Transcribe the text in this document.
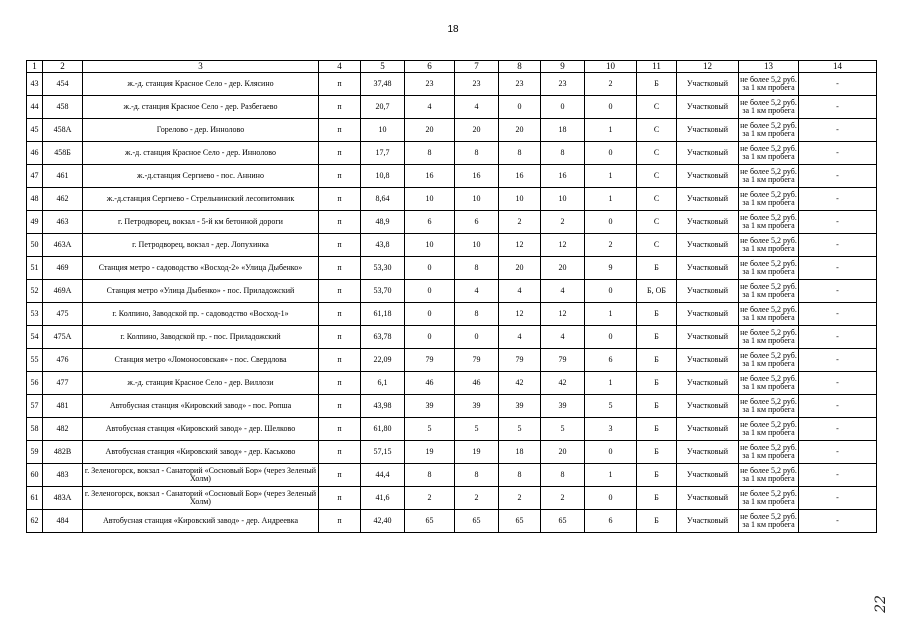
18
1	2	3	4	5	6	7	8	9	10	11	12	13	14
43	454	ж.-д. станция Красное Село - дер. Клясино	п	37,48	23	23	23	23	2	Б	Участковый	не более 5,2 руб. за 1 км пробега	-
44	458	ж.-д. станция Красное Село - дер. Разбегаево	п	20,7	4	4	0	0	0	С	Участковый	не более 5,2 руб. за 1 км пробега	-
45	458А	Горелово - дер. Иннолово	п	10	20	20	20	18	1	С	Участковый	не более 5,2 руб. за 1 км пробега	-
46	458Б	ж.-д. станция Красное Село - дер. Иннолово	п	17,7	8	8	8	8	0	С	Участковый	не более 5,2 руб. за 1 км пробега	-
47	461	ж.-д.станция Сергиево - пос. Аннино	п	10,8	16	16	16	16	1	С	Участковый	не более 5,2 руб. за 1 км пробега	-
48	462	ж.-д.станция Сергиево - Стрельнинский лесопитомник	п	8,64	10	10	10	10	1	С	Участковый	не более 5,2 руб. за 1 км пробега	-
49	463	г. Петродворец, вокзал - 5-й км бетонной дороги	п	48,9	6	6	2	2	0	С	Участковый	не более 5,2 руб. за 1 км пробега	-
50	463А	г. Петродворец, вокзал - дер. Лопухинка	п	43,8	10	10	12	12	2	С	Участковый	не более 5,2 руб. за 1 км пробега	-
51	469	Станция метро - садоводство «Восход-2» «Улица Дыбенко»	п	53,30	0	8	20	20	9	Б	Участковый	не более 5,2 руб. за 1 км пробега	-
52	469А	Станция метро «Улица Дыбенко» - пос. Приладожский	п	53,70	0	4	4	4	0	Б, ОБ	Участковый	не более 5,2 руб. за 1 км пробега	-
53	475	г. Колпино, Заводской пр. - садоводство «Восход-1»	п	61,18	0	8	12	12	1	Б	Участковый	не более 5,2 руб. за 1 км пробега	-
54	475А	г. Колпино, Заводской пр. - пос. Приладожский	п	63,78	0	0	4	4	0	Б	Участковый	не более 5,2 руб. за 1 км пробега	-
55	476	Станция метро «Ломоносовская» - пос. Свердлова	п	22,09	79	79	79	79	6	Б	Участковый	не более 5,2 руб. за 1 км пробега	-
56	477	ж.-д. станция Красное Село - дер. Виллози	п	6,1	46	46	42	42	1	Б	Участковый	не более 5,2 руб. за 1 км пробега	-
57	481	Автобусная станция «Кировский завод» - пос. Ропша	п	43,98	39	39	39	39	5	Б	Участковый	не более 5,2 руб. за 1 км пробега	-
58	482	Автобусная станция «Кировский завод» - дер. Шелково	п	61,80	5	5	5	5	3	Б	Участковый	не более 5,2 руб. за 1 км пробега	-
59	482В	Автобусная станция «Кировский завод» - дер. Каськово	п	57,15	19	19	18	20	0	Б	Участковый	не более 5,2 руб. за 1 км пробега	-
60	483	г. Зеленогорск, вокзал - Санаторий «Сосновый Бор» (через Зеленый Холм)	п	44,4	8	8	8	8	1	Б	Участковый	не более 5,2 руб. за 1 км пробега	-
61	483А	г. Зеленогорск, вокзал - Санаторий «Сосновый Бор» (через Зеленый Холм)	п	41,6	2	2	2	2	0	Б	Участковый	не более 5,2 руб. за 1 км пробега	-
62	484	Автобусная станция «Кировский завод» - дер. Андреевка	п	42,40	65	65	65	65	6	Б	Участковый	не более 5,2 руб. за 1 км пробега	-
22
